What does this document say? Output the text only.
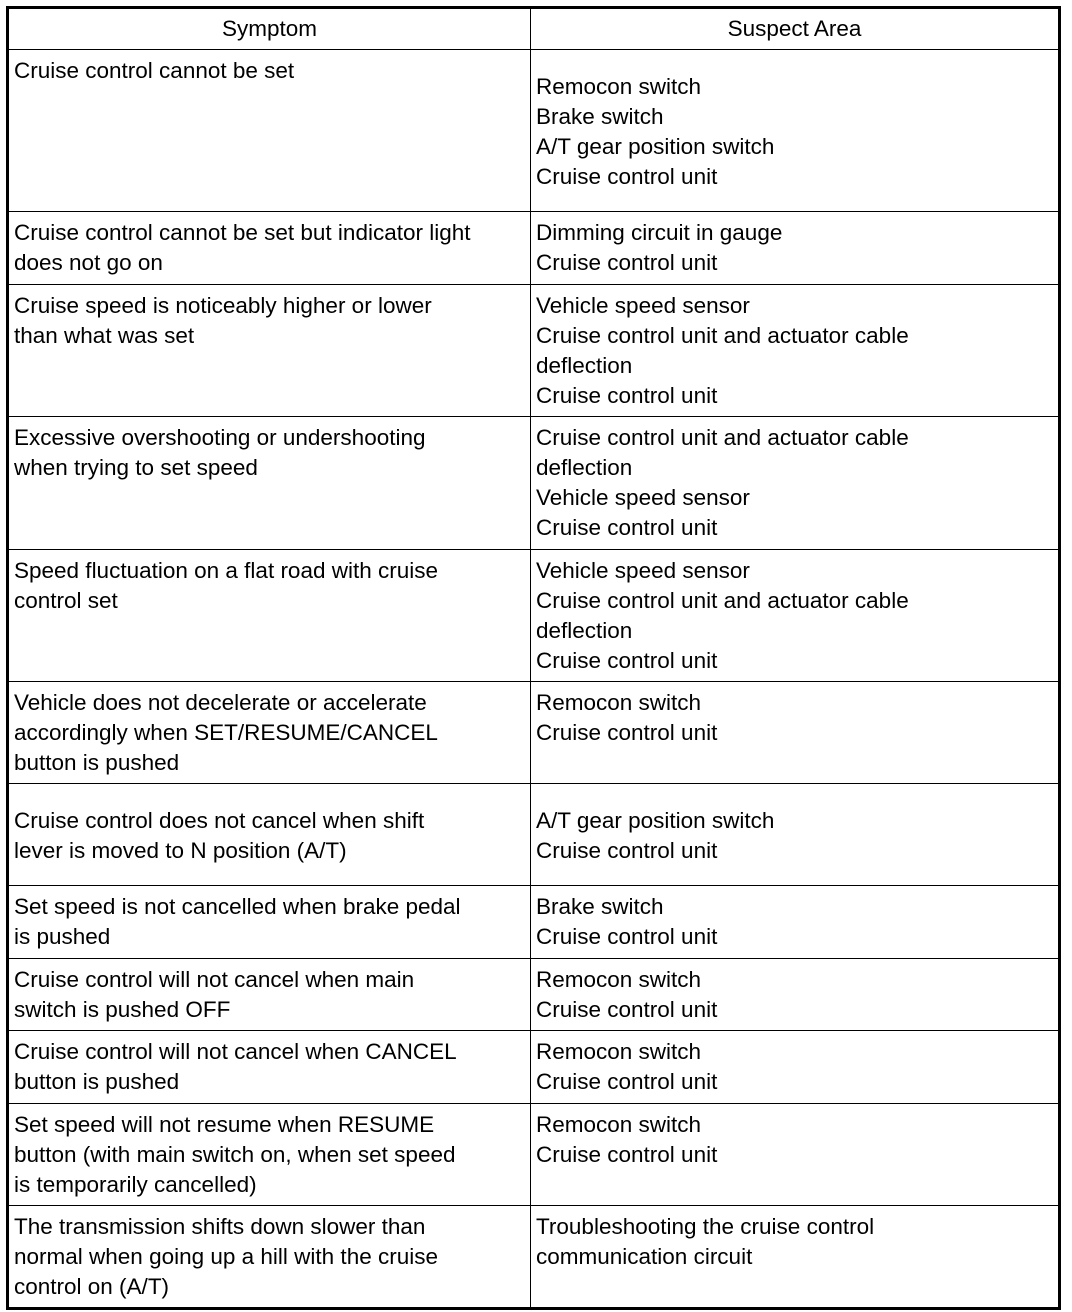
Symptom	Suspect Area

Cruise control cannot be set	Remocon switch
Brake switch
A/T gear position switch
Cruise control unit

Cruise control cannot be set but indicator light
does not go on	Dimming circuit in gauge
Cruise control unit

Cruise speed is noticeably higher or lower
than what was set	Vehicle speed sensor
Cruise control unit and actuator cable
deflection
Cruise control unit

Excessive overshooting or undershooting
when trying to set speed	Cruise control unit and actuator cable
deflection
Vehicle speed sensor
Cruise control unit

Speed fluctuation on a flat road with cruise
control set	Vehicle speed sensor
Cruise control unit and actuator cable
deflection
Cruise control unit

Vehicle does not decelerate or accelerate
accordingly when SET/RESUME/CANCEL
button is pushed	Remocon switch
Cruise control unit

Cruise control does not cancel when shift
lever is moved to N position (A/T)	A/T gear position switch
Cruise control unit

Set speed is not cancelled when brake pedal
is pushed	Brake switch
Cruise control unit

Cruise control will not cancel when main
switch is pushed OFF	Remocon switch
Cruise control unit

Cruise control will not cancel when CANCEL
button is pushed	Remocon switch
Cruise control unit

Set speed will not resume when RESUME
button (with main switch on, when set speed
is temporarily cancelled)	Remocon switch
Cruise control unit

The transmission shifts down slower than
normal when going up a hill with the cruise
control on (A/T)	Troubleshooting the cruise control
communication circuit
